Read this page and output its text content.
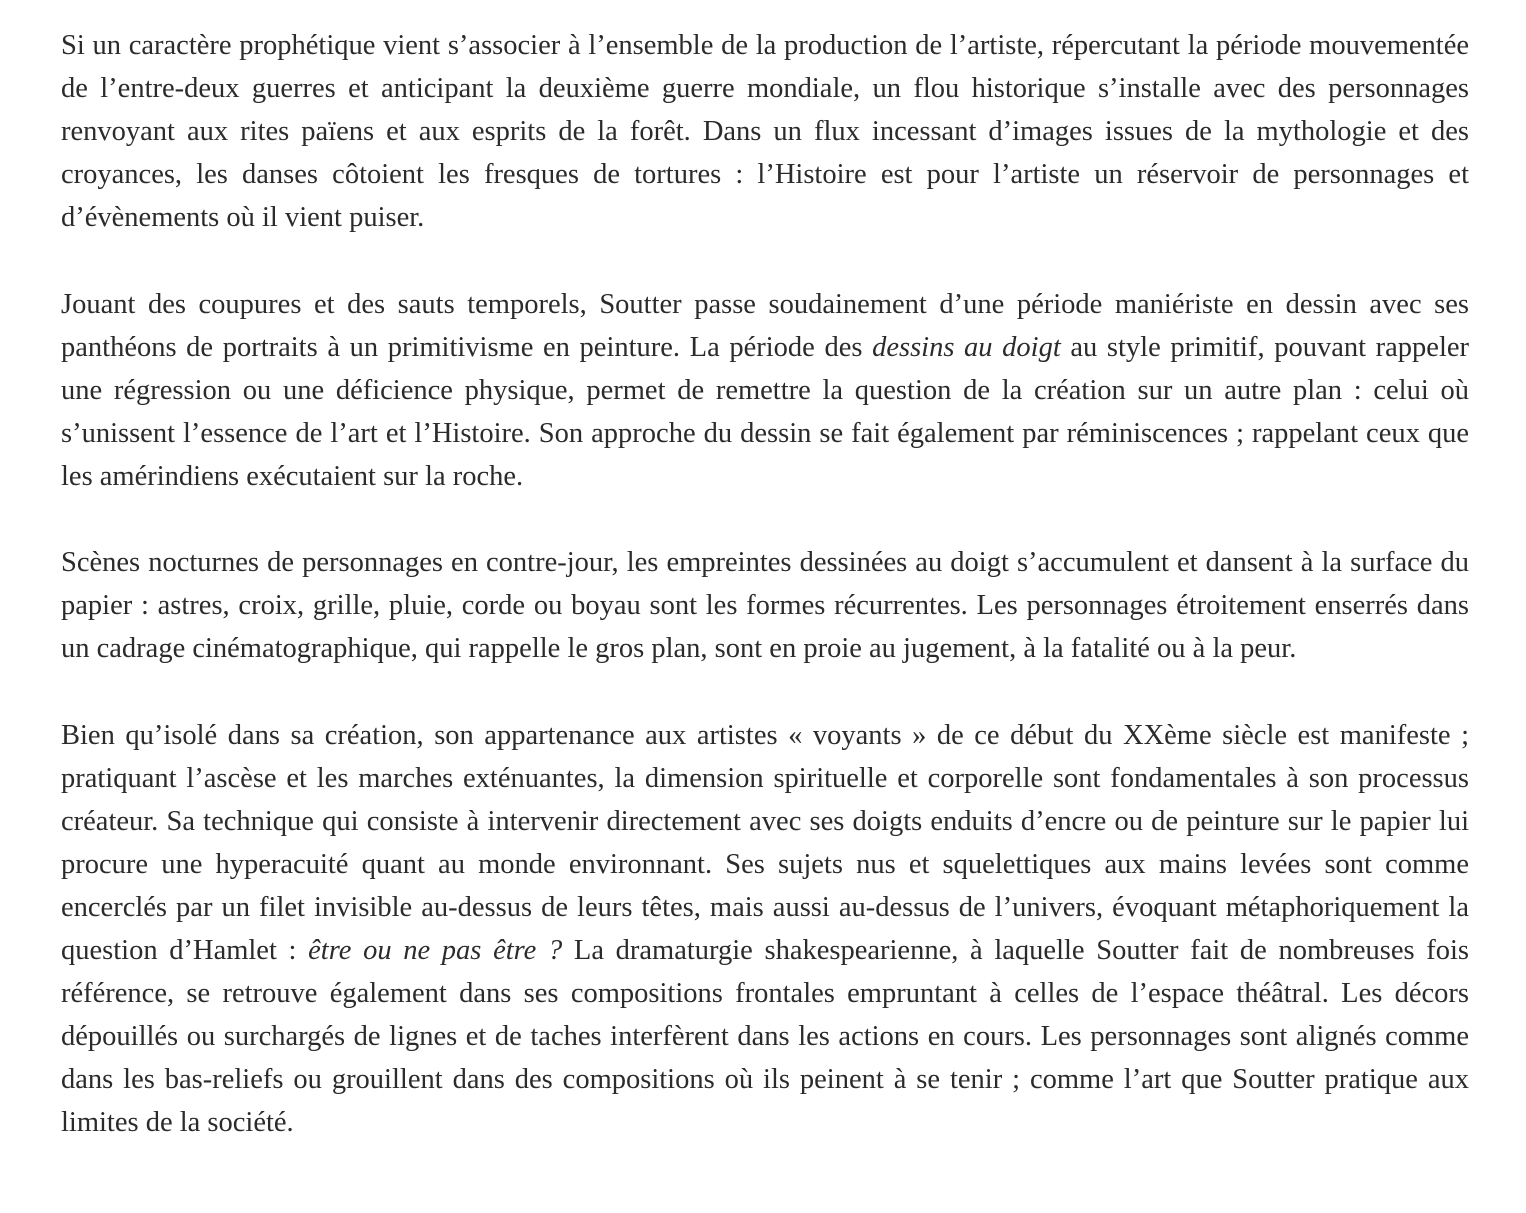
Si un caractère prophétique vient s’associer à l’ensemble de la production de l’artiste, répercutant la période mouvementée de l’entre-deux guerres et anticipant la deuxième guerre mondiale, un flou historique s’installe avec des personnages renvoyant aux rites païens et aux esprits de la forêt. Dans un flux incessant d’images issues de la mythologie et des croyances, les danses côtoient les fresques de tortures : l’Histoire est pour l’artiste un réservoir de personnages et d’évènements où il vient puiser.

Jouant des coupures et des sauts temporels, Soutter passe soudainement d’une période maniériste en dessin avec ses panthéons de portraits à un primitivisme en peinture. La période des dessins au doigt au style primitif, pouvant rappeler une régression ou une déficience physique, permet de remettre la question de la création sur un autre plan : celui où s’unissent l’essence de l’art et l’Histoire. Son approche du dessin se fait également par réminiscences ; rappelant ceux que les amérindiens exécutaient sur la roche.

Scènes nocturnes de personnages en contre-jour, les empreintes dessinées au doigt s’accumulent et dansent à la surface du papier : astres, croix, grille, pluie, corde ou boyau sont les formes récurrentes. Les personnages étroitement enserrés dans un cadrage cinématographique, qui rappelle le gros plan, sont en proie au jugement, à la fatalité ou à la peur.

Bien qu’isolé dans sa création, son appartenance aux artistes « voyants » de ce début du XXème siècle est manifeste ; pratiquant l’ascèse et les marches exténuantes, la dimension spirituelle et corporelle sont fondamentales à son processus créateur. Sa technique qui consiste à intervenir directement avec ses doigts enduits d’encre ou de peinture sur le papier lui procure une hyperacuité quant au monde environnant. Ses sujets nus et squelettiques aux mains levées sont comme encerclés par un filet invisible au-dessus de leurs têtes, mais aussi au-dessus de l’univers, évoquant métaphoriquement la question d’Hamlet : être ou ne pas être ? La dramaturgie shakespearienne, à laquelle Soutter fait de nombreuses fois référence, se retrouve également dans ses compositions frontales empruntant à celles de l’espace théâtral. Les décors dépouillés ou surchargés de lignes et de taches interfèrent dans les actions en cours. Les personnages sont alignés comme dans les bas-reliefs ou grouillent dans des compositions où ils peinent à se tenir ; comme l’art que Soutter pratique aux limites de la société.
